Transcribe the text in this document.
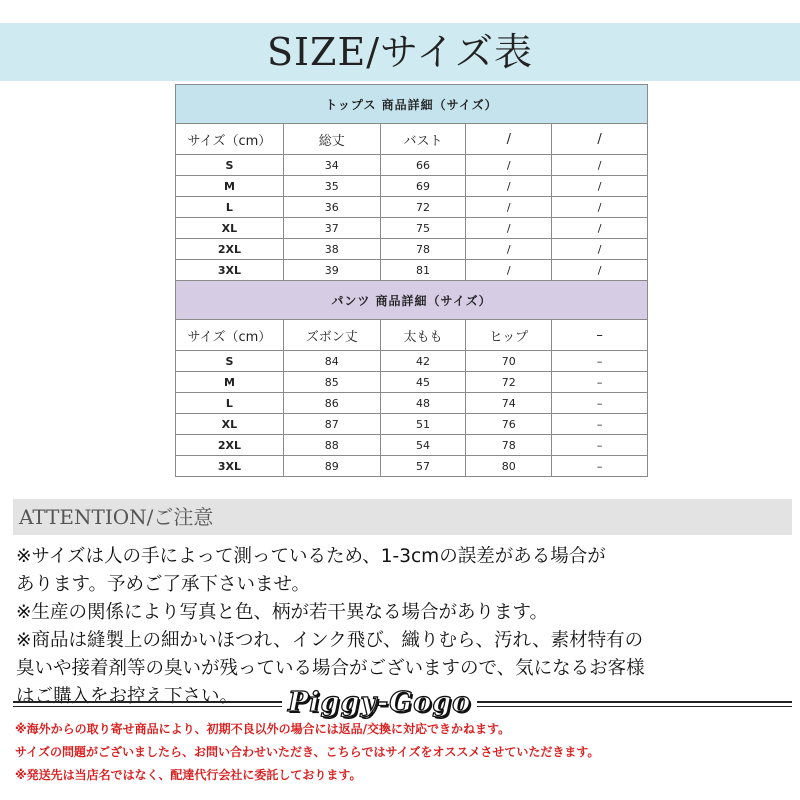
SIZE/サイズ表
トップス 商品詳細（サイズ）				
サイズ（cm）	総丈	バスト	/	/
S	34	66	/	/
M	35	69	/	/
L	36	72	/	/
XL	37	75	/	/
2XL	38	78	/	/
3XL	39	81	/	/
パンツ 商品詳細（サイズ）				
サイズ（cm）	ズボン丈	太もも	ヒップ	–
S	84	42	70	–
M	85	45	72	–
L	86	48	74	–
XL	87	51	76	–
2XL	88	54	78	–
3XL	89	57	80	–
ATTENTION/ご注意

※サイズは人の手によって測っているため、1-3cmの誤差がある場合が

あります。予めご了承下さいませ。

※生産の関係により写真と色、柄が若干異なる場合があります。

※商品は縫製上の細かいほつれ、インク飛び、織りむら、汚れ、素材特有の

臭いや接着剤等の臭いが残っている場合がございますので、気になるお客様

はご購入をお控え下さい。	Piggy-Gogo

※海外からの取り寄せ商品により、初期不良以外の場合には返品/交換に対応できかねます。

サイズの問題がございましたら、お問い合わせいただき、こちらではサイズをオススメさせていただきます。

※発送先は当店名ではなく、配達代行会社に委託しております。
